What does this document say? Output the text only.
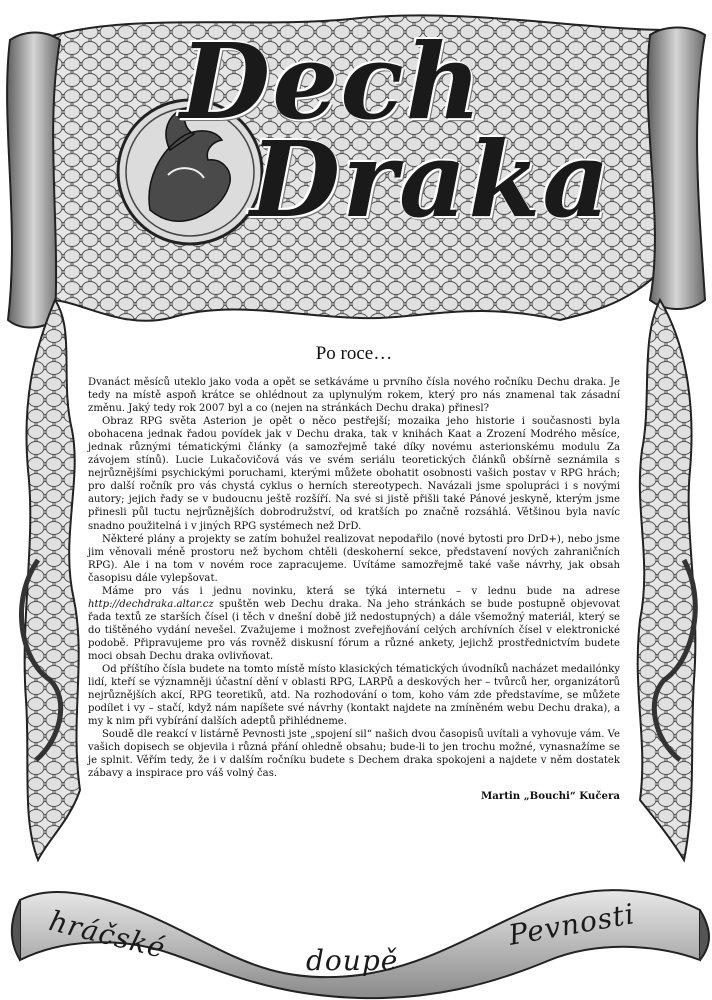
Dech
Draka
Po roce…

Dvanáct měsíců uteklo jako voda a opět se setkáváme u prvního čísla nového ročníku Dechu draka. Je tedy na místě aspoň krátce se ohlédnout za uplynulým rokem, který pro nás znamenal tak zásadní změnu. Jaký tedy rok 2007 byl a co (nejen na stránkách Dechu draka) přinesl?

Obraz RPG světa Asterion je opět o něco pestřejší; mozaika jeho historie i současnosti byla obohacena jednak řadou povídek jak v Dechu draka, tak v knihách Kaat a Zrození Modrého měsíce, jednak různými tématickými články (a samozřejmě také díky novému asterionskému modulu Za závojem stínů). Lucie Lukačovičová vás ve svém seriálu teoretických článků obšírně seznámila s nejrůznějšími psychickými poruchami, kterými můžete obohatit osobnosti vašich postav v RPG hrách; pro další ročník pro vás chystá cyklus o herních stereotypech. Navázali jsme spolupráci i s novými autory; jejich řady se v budoucnu ještě rozšíří. Na své si jistě přišli také Pánové jeskyně, kterým jsme přinesli půl tuctu nejrůznějších dobrodružství, od kratších po značně rozsáhlá. Většinou byla navíc snadno použitelná i v jiných RPG systémech než DrD.

Některé plány a projekty se zatím bohužel realizovat nepodařilo (nové bytosti pro DrD+), nebo jsme jim věnovali méně prostoru než bychom chtěli (deskoherní sekce, představení nových zahraničních RPG). Ale i na tom v novém roce zapracujeme. Uvítáme samozřejmě také vaše návrhy, jak obsah časopisu dále vylepšovat.

Máme pro vás i jednu novinku, která se týká internetu – v lednu bude na adrese http://dechdraka.altar.cz spuštěn web Dechu draka. Na jeho stránkách se bude postupně objevovat řada textů ze starších čísel (i těch v dnešní době již nedostupných) a dále všemožný materiál, který se do tištěného vydání nevešel. Zvažujeme i možnost zveřejňování celých archívních čísel v elektronické podobě. Připravujeme pro vás rovněž diskusní fórum a různé ankety, jejichž prostřednictvím budete moci obsah Dechu draka ovlivňovat.

Od příštího čísla budete na tomto místě místo klasických tématických úvodníků nacházet medailónky lidí, kteří se významněji účastní dění v oblasti RPG, LARPů a deskových her – tvůrců her, organizátorů nejrůznějších akcí, RPG teoretiků, atd. Na rozhodování o tom, koho vám zde představíme, se můžete podílet i vy – stačí, když nám napíšete své návrhy (kontakt najdete na zmíněném webu Dechu draka), a my k nim při vybírání dalších adeptů přihlédneme.

Soudě dle reakcí v listárně Pevnosti jste „spojení sil“ našich dvou časopisů uvítali a vyhovuje vám. Ve vašich dopisech se objevila i různá přání ohledně obsahu; bude-li to jen trochu možné, vynasnažíme se je splnit. Věřím tedy, že i v dalším ročníku budete s Dechem draka spokojeni a najdete v něm dostatek zábavy a inspirace pro váš volný čas.

Martin „Bouchi“ Kučera
hráčské	doupě
Pevnosti
